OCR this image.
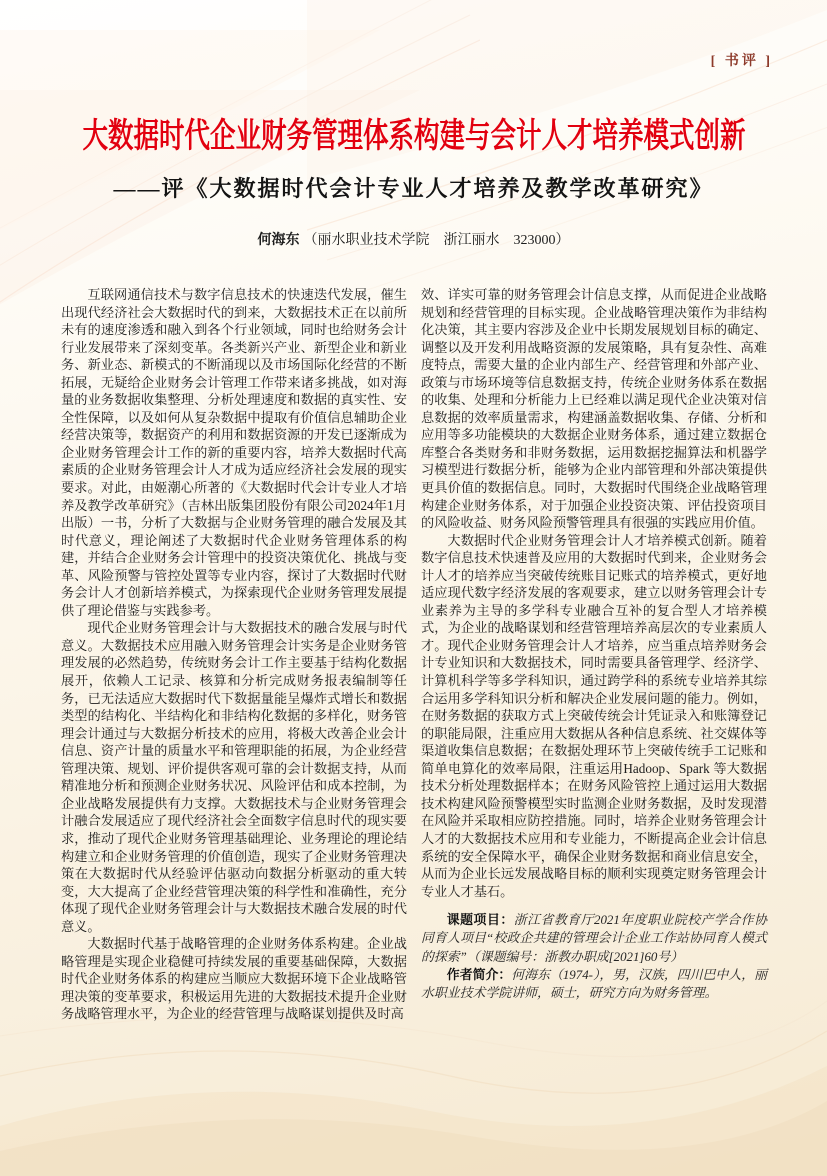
[ 书评 ]
大数据时代企业财务管理体系构建与会计人才培养模式创新
——评《大数据时代会计专业人才培养及教学改革研究》
何海东 （丽水职业技术学院　浙江丽水　323000）

互联网通信技术与数字信息技术的快速迭代发展，催生出现代经济社会大数据时代的到来，大数据技术正在以前所未有的速度渗透和融入到各个行业领域，同时也给财务会计行业发展带来了深刻变革。各类新兴产业、新型企业和新业务、新业态、新模式的不断涌现以及市场国际化经营的不断拓展，无疑给企业财务会计管理工作带来诸多挑战，如对海量的业务数据收集整理、分析处理速度和数据的真实性、安全性保障，以及如何从复杂数据中提取有价值信息辅助企业经营决策等，数据资产的利用和数据资源的开发已逐渐成为企业财务管理会计工作的新的重要内容，培养大数据时代高素质的企业财务管理会计人才成为适应经济社会发展的现实要求。对此，由姬潮心所著的《大数据时代会计专业人才培养及教学改革研究》（吉林出版集团股份有限公司2024年1月出版）一书，分析了大数据与企业财务管理的融合发展及其时代意义，理论阐述了大数据时代企业财务管理体系的构建，并结合企业财务会计管理中的投资决策优化、挑战与变革、风险预警与管控处置等专业内容，探讨了大数据时代财务会计人才创新培养模式，为探索现代企业财务管理发展提供了理论借鉴与实践参考。

现代企业财务管理会计与大数据技术的融合发展与时代意义。大数据技术应用融入财务管理会计实务是企业财务管理发展的必然趋势，传统财务会计工作主要基于结构化数据展开，依赖人工记录、核算和分析完成财务报表编制等任务，已无法适应大数据时代下数据量能呈爆炸式增长和数据类型的结构化、半结构化和非结构化数据的多样化，财务管理会计通过与大数据分析技术的应用，将极大改善企业会计信息、资产计量的质量水平和管理职能的拓展，为企业经营管理决策、规划、评价提供客观可靠的会计数据支持，从而精准地分析和预测企业财务状况、风险评估和成本控制，为企业战略发展提供有力支撑。大数据技术与企业财务管理会计融合发展适应了现代经济社会全面数字信息时代的现实要求，推动了现代企业财务管理基础理论、业务理论的理论结构建立和企业财务管理的价值创造，现实了企业财务管理决策在大数据时代从经验评估驱动向数据分析驱动的重大转变，大大提高了企业经营管理决策的科学性和准确性，充分体现了现代企业财务管理会计与大数据技术融合发展的时代意义。

大数据时代基于战略管理的企业财务体系构建。企业战略管理是实现企业稳健可持续发展的重要基础保障，大数据时代企业财务体系的构建应当顺应大数据环境下企业战略管理决策的变革要求，积极运用先进的大数据技术提升企业财务战略管理水平，为企业的经营管理与战略谋划提供及时高

效、详实可靠的财务管理会计信息支撑，从而促进企业战略规划和经营管理的目标实现。企业战略管理决策作为非结构化决策，其主要内容涉及企业中长期发展规划目标的确定、调整以及开发利用战略资源的发展策略，具有复杂性、高难度特点，需要大量的企业内部生产、经营管理和外部产业、政策与市场环境等信息数据支持，传统企业财务体系在数据的收集、处理和分析能力上已经难以满足现代企业决策对信息数据的效率质量需求，构建涵盖数据收集、存储、分析和应用等多功能模块的大数据企业财务体系，通过建立数据仓库整合各类财务和非财务数据，运用数据挖掘算法和机器学习模型进行数据分析，能够为企业内部管理和外部决策提供更具价值的数据信息。同时，大数据时代围绕企业战略管理构建企业财务体系，对于加强企业投资决策、评估投资项目的风险收益、财务风险预警管理具有很强的实践应用价值。

大数据时代企业财务管理会计人才培养模式创新。随着数字信息技术快速普及应用的大数据时代到来，企业财务会计人才的培养应当突破传统账目记账式的培养模式，更好地适应现代数字经济发展的客观要求，建立以财务管理会计专业素养为主导的多学科专业融合互补的复合型人才培养模式，为企业的战略谋划和经营管理培养高层次的专业素质人才。现代企业财务管理会计人才培养，应当重点培养财务会计专业知识和大数据技术，同时需要具备管理学、经济学、计算机科学等多学科知识，通过跨学科的系统专业培养其综合运用多学科知识分析和解决企业发展问题的能力。例如，在财务数据的获取方式上突破传统会计凭证录入和账簿登记的职能局限，注重应用大数据从各种信息系统、社交媒体等渠道收集信息数据；在数据处理环节上突破传统手工记账和简单电算化的效率局限，注重运用Hadoop、Spark 等大数据技术分析处理数据样本；在财务风险管控上通过运用大数据技术构建风险预警模型实时监测企业财务数据，及时发现潜在风险并采取相应防控措施。同时，培养企业财务管理会计人才的大数据技术应用和专业能力，不断提高企业会计信息系统的安全保障水平，确保企业财务数据和商业信息安全，从而为企业长远发展战略目标的顺利实现奠定财务管理会计专业人才基石。

课题项目：浙江省教育厅2021年度职业院校产学合作协同育人项目“校政企共建的管理会计企业工作站协同育人模式的探索”（课题编号：浙教办职成[2021]60号）

作者简介：何海东（1974-），男，汉族，四川巴中人，丽水职业技术学院讲师，硕士，研究方向为财务管理。
